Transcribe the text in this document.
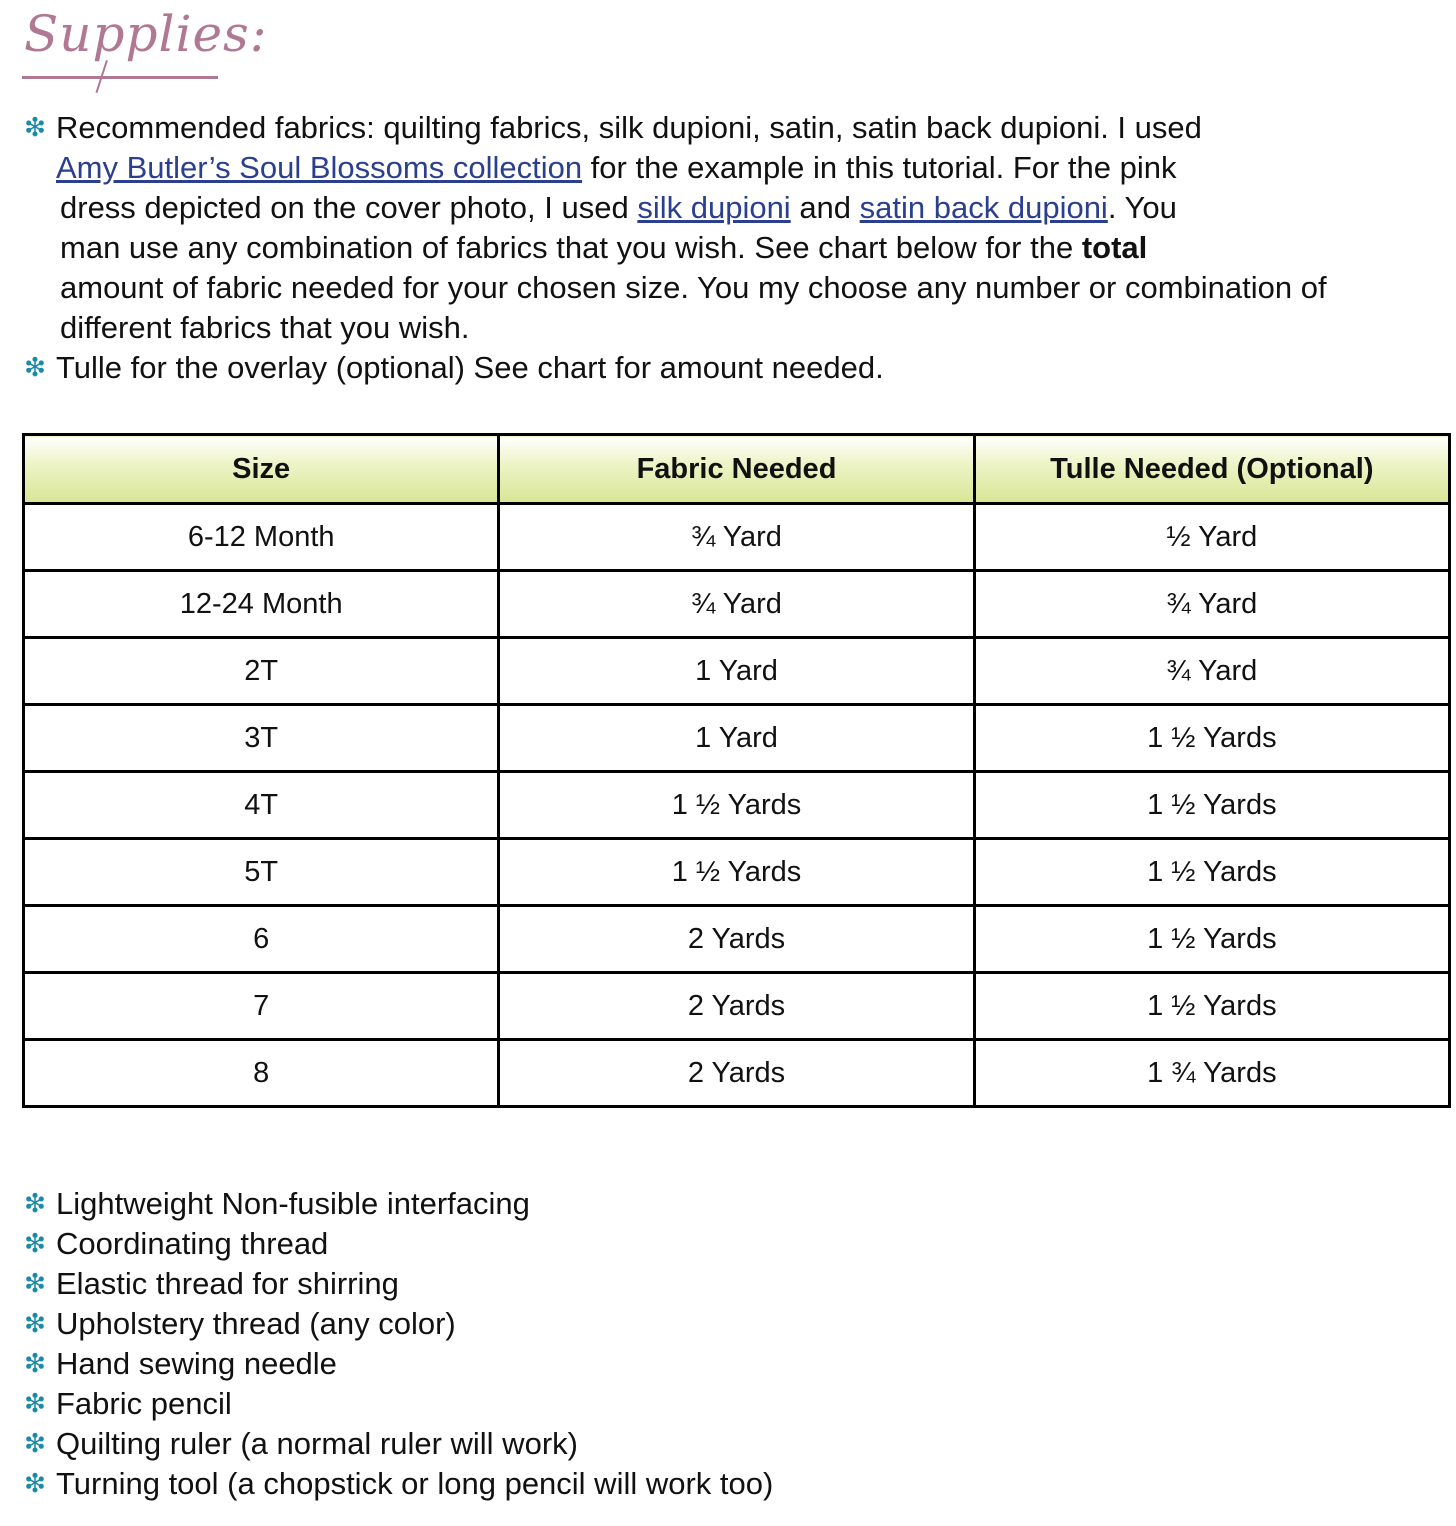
Supplies:
❇ Recommended fabrics: quilting fabrics, silk dupioni, satin, satin back dupioni. I used
Amy Butler’s Soul Blossoms collection for the example in this tutorial. For the pink
dress depicted on the cover photo, I used silk dupioni and satin back dupioni. You
man use any combination of fabrics that you wish. See chart below for the total
amount of fabric needed for your chosen size. You my choose any number or combination of
different fabrics that you wish.
❇ Tulle for the overlay (optional) See chart for amount needed.
Size	Fabric Needed	Tulle Needed (Optional)
6-12 Month	¾ Yard	½ Yard
12-24 Month	¾ Yard	¾ Yard
2T	1 Yard	¾ Yard
3T	1 Yard	1 ½ Yards
4T	1 ½ Yards	1 ½ Yards
5T	1 ½ Yards	1 ½ Yards
6	2 Yards	1 ½ Yards
7	2 Yards	1 ½ Yards
8	2 Yards	1 ¾ Yards
❇ Lightweight Non-fusible interfacing
❇ Coordinating thread
❇ Elastic thread for shirring
❇ Upholstery thread (any color)
❇ Hand sewing needle
❇ Fabric pencil
❇ Quilting ruler (a normal ruler will work)
❇ Turning tool (a chopstick or long pencil will work too)
